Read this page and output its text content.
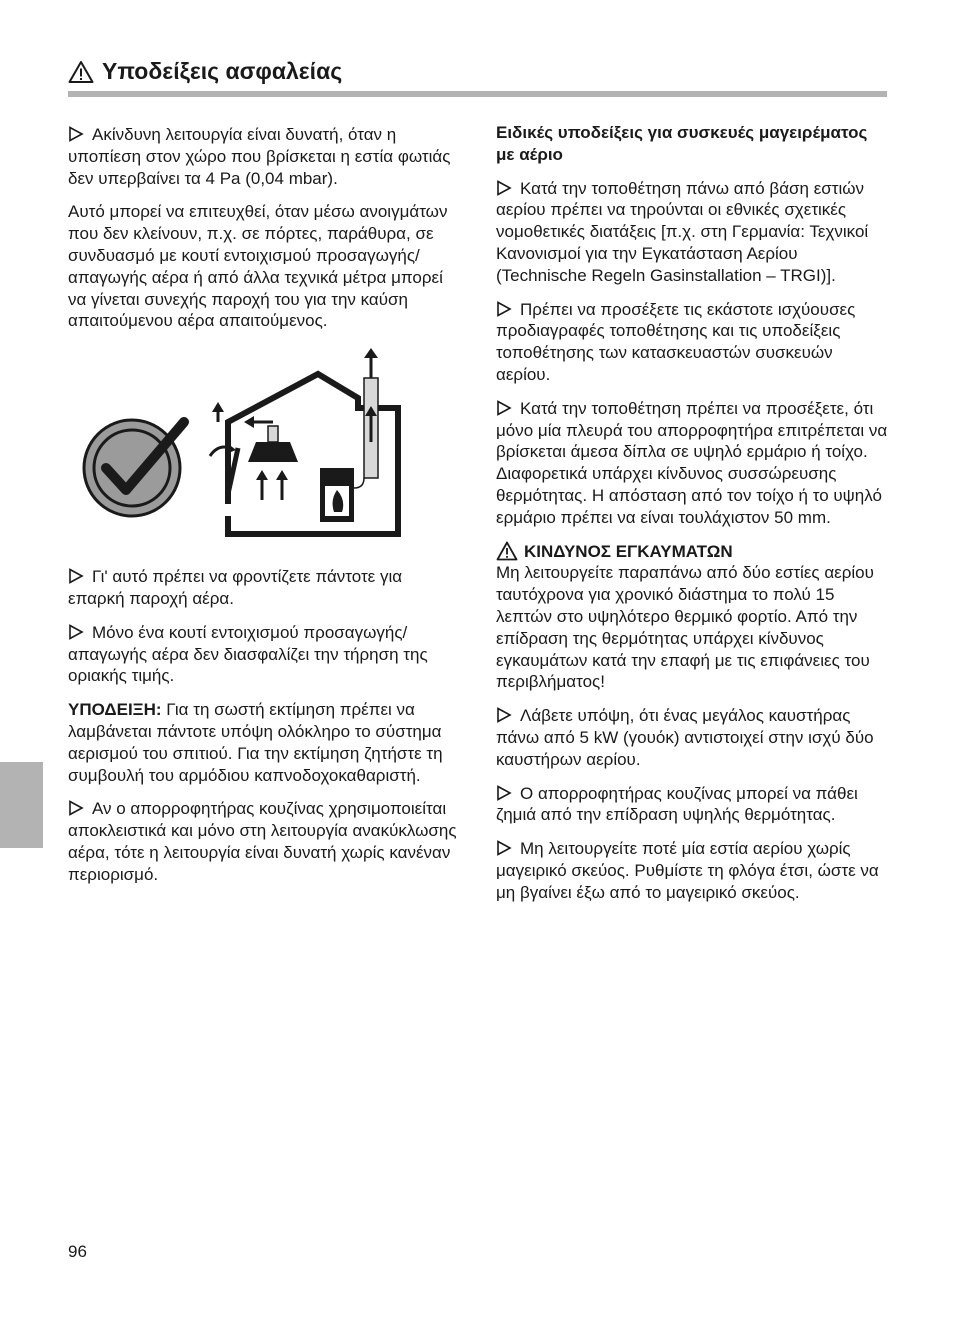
Υποδείξεις ασφαλείας

Ακίνδυνη λειτουργία είναι δυνατή, όταν η υποπίεση στον χώρο που βρίσκεται η εστία φωτιάς δεν υπερβαίνει τα 4 Pa (0,04 mbar).

Αυτό μπορεί να επιτευχθεί, όταν μέσω ανοιγμάτων που δεν κλείνουν, π.χ. σε πόρτες, παράθυρα, σε συνδυασμό με κουτί εντοιχισμού προσαγωγής/απαγωγής αέρα ή από άλλα τεχνικά μέτρα μπορεί να γίνεται συνεχής παροχή του για την καύση απαιτούμενου αέρα απαιτούμενος.

Γι' αυτό πρέπει να φροντίζετε πάντοτε για επαρκή παροχή αέρα.

Μόνο ένα κουτί εντοιχισμού προσαγωγής/απαγωγής αέρα δεν διασφαλίζει την τήρηση της οριακής τιμής.

ΥΠΟΔΕΙΞΗ: Για τη σωστή εκτίμηση πρέπει να λαμβάνεται πάντοτε υπόψη ολόκληρο το σύστημα αερισμού του σπιτιού. Για την εκτίμηση ζητήστε τη συμβουλή του αρμόδιου καπνοδοχοκαθαριστή.

Αν ο απορροφητήρας κουζίνας χρησιμοποιείται αποκλειστικά και μόνο στη λειτουργία ανακύκλωσης αέρα, τότε η λειτουργία είναι δυνατή χωρίς κανέναν περιορισμό.

Ειδικές υποδείξεις για συσκευές μαγειρέματος με αέριο

Κατά την τοποθέτηση πάνω από βάση εστιών αερίου πρέπει να τηρούνται οι εθνικές σχετικές νομοθετικές διατάξεις [π.χ. στη Γερμανία: Τεχνικοί Κανονισμοί για την Εγκατάσταση Αερίου (Technische Regeln Gasinstallation – TRGI)].

Πρέπει να προσέξετε τις εκάστοτε ισχύουσες προδιαγραφές τοποθέτησης και τις υποδείξεις τοποθέτησης των κατασκευαστών συσκευών αερίου.

Κατά την τοποθέτηση πρέπει να προσέξετε, ότι μόνο μία πλευρά του απορροφητήρα επιτρέπεται να βρίσκεται άμεσα δίπλα σε υψηλό ερμάριο ή τοίχο. Διαφορετικά υπάρχει κίνδυνος συσσώρευσης θερμότητας. Η απόσταση από τον τοίχο ή το υψηλό ερμάριο πρέπει να είναι τουλάχιστον 50 mm.

ΚΙΝΔΥΝΟΣ ΕΓΚΑΥΜΑΤΩΝ

Μη λειτουργείτε παραπάνω από δύο εστίες αερίου ταυτόχρονα για χρονικό διάστημα το πολύ 15 λεπτών στο υψηλότερο θερμικό φορτίο. Από την επίδραση της θερμότητας υπάρχει κίνδυνος εγκαυμάτων κατά την επαφή με τις επιφάνειες του περιβλήματος!

Λάβετε υπόψη, ότι ένας μεγάλος καυστήρας πάνω από 5 kW (γουόκ) αντιστοιχεί στην ισχύ δύο καυστήρων αερίου.

Ο απορροφητήρας κουζίνας μπορεί να πάθει ζημιά από την επίδραση υψηλής θερμότητας.

Μη λειτουργείτε ποτέ μία εστία αερίου χωρίς μαγειρικό σκεύος. Ρυθμίστε τη φλόγα έτσι, ώστε να μη βγαίνει έξω από το μαγειρικό σκεύος.

96
